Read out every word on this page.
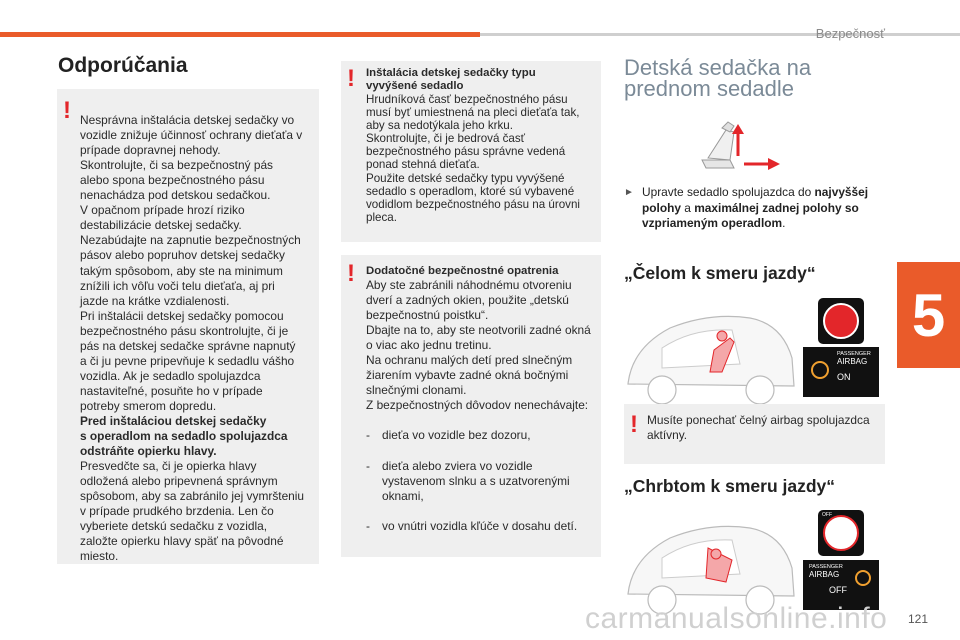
Bezpečnosť
5
Odporúčania
! Nesprávna inštalácia detskej sedačky vo
vozidle znižuje účinnosť ochrany dieťaťa v
prípade dopravnej nehody.
Skontrolujte, či sa bezpečnostný pás
alebo spona bezpečnostného pásu
nenachádza pod detskou sedačkou.
V opačnom prípade hrozí riziko
destabilizácie detskej sedačky.
Nezabúdajte na zapnutie bezpečnostných
pásov alebo popruhov detskej sedačky
takým spôsobom, aby ste na minimum
znížili ich vôľu voči telu dieťaťa, aj pri
jazde na krátke vzdialenosti.
Pri inštalácii detskej sedačky pomocou
bezpečnostného pásu skontrolujte, či je
pás na detskej sedačke správne napnutý
a či ju pevne pripevňuje k sedadlu vášho
vozidla. Ak je sedadlo spolujazdca
nastaviteľné, posuňte ho v prípade
potreby smerom dopredu.
Pred inštaláciou detskej sedačky
s operadlom na sedadlo spolujazdca
odstráňte opierku hlavy.
Presvedčte sa, či je opierka hlavy
odložená alebo pripevnená správnym
spôsobom, aby sa zabránilo jej vymršteniu
v prípade prudkého brzdenia. Len čo
vyberiete detskú sedačku z vozidla,
založte opierku hlavy späť na pôvodné
miesto.

! Inštalácia detskej sedačky typu
vyvýšené sedadlo
Hrudníková časť bezpečnostného pásu
musí byť umiestnená na pleci dieťaťa tak,
aby sa nedotýkala jeho krku.
Skontrolujte, či je bedrová časť
bezpečnostného pásu správne vedená
ponad stehná dieťaťa.
Použite detské sedačky typu vyvýšené
sedadlo s operadlom, ktoré sú vybavené
vodidlom bezpečnostného pásu na úrovni
pleca.
! Dodatočné bezpečnostné opatrenia
Aby ste zabránili náhodnému otvoreniu
dverí a zadných okien, použite „detskú
bezpečnostnú poistku“.
Dbajte na to, aby ste neotvorili zadné okná
o viac ako jednu tretinu.
Na ochranu malých detí pred slnečným
žiarením vybavte zadné okná bočnými
slnečnými clonami.
Z bezpečnostných dôvodov nenechávajte:

- dieťa vo vozidle bez dozoru,

- dieťa alebo zviera vo vozidle
vystavenom slnku a s uzatvorenými
oknami,

- vo vnútri vozidla kľúče v dosahu detí.

Detská sedačka na
prednom sedadle
► Upravte sedadlo spolujazdca do najvyššej
polohy a maximálnej zadnej polohy so
vzpriameným operadlom.
„Čelom k smeru jazdy“
PASSENGER
AIRBAG
ON
! Musíte ponechať čelný airbag spolujazdca
aktívny.
„Chrbtom k smeru jazdy“
OFF
PASSENGER
AIRBAG
OFF
carmanualsonline.info 121
